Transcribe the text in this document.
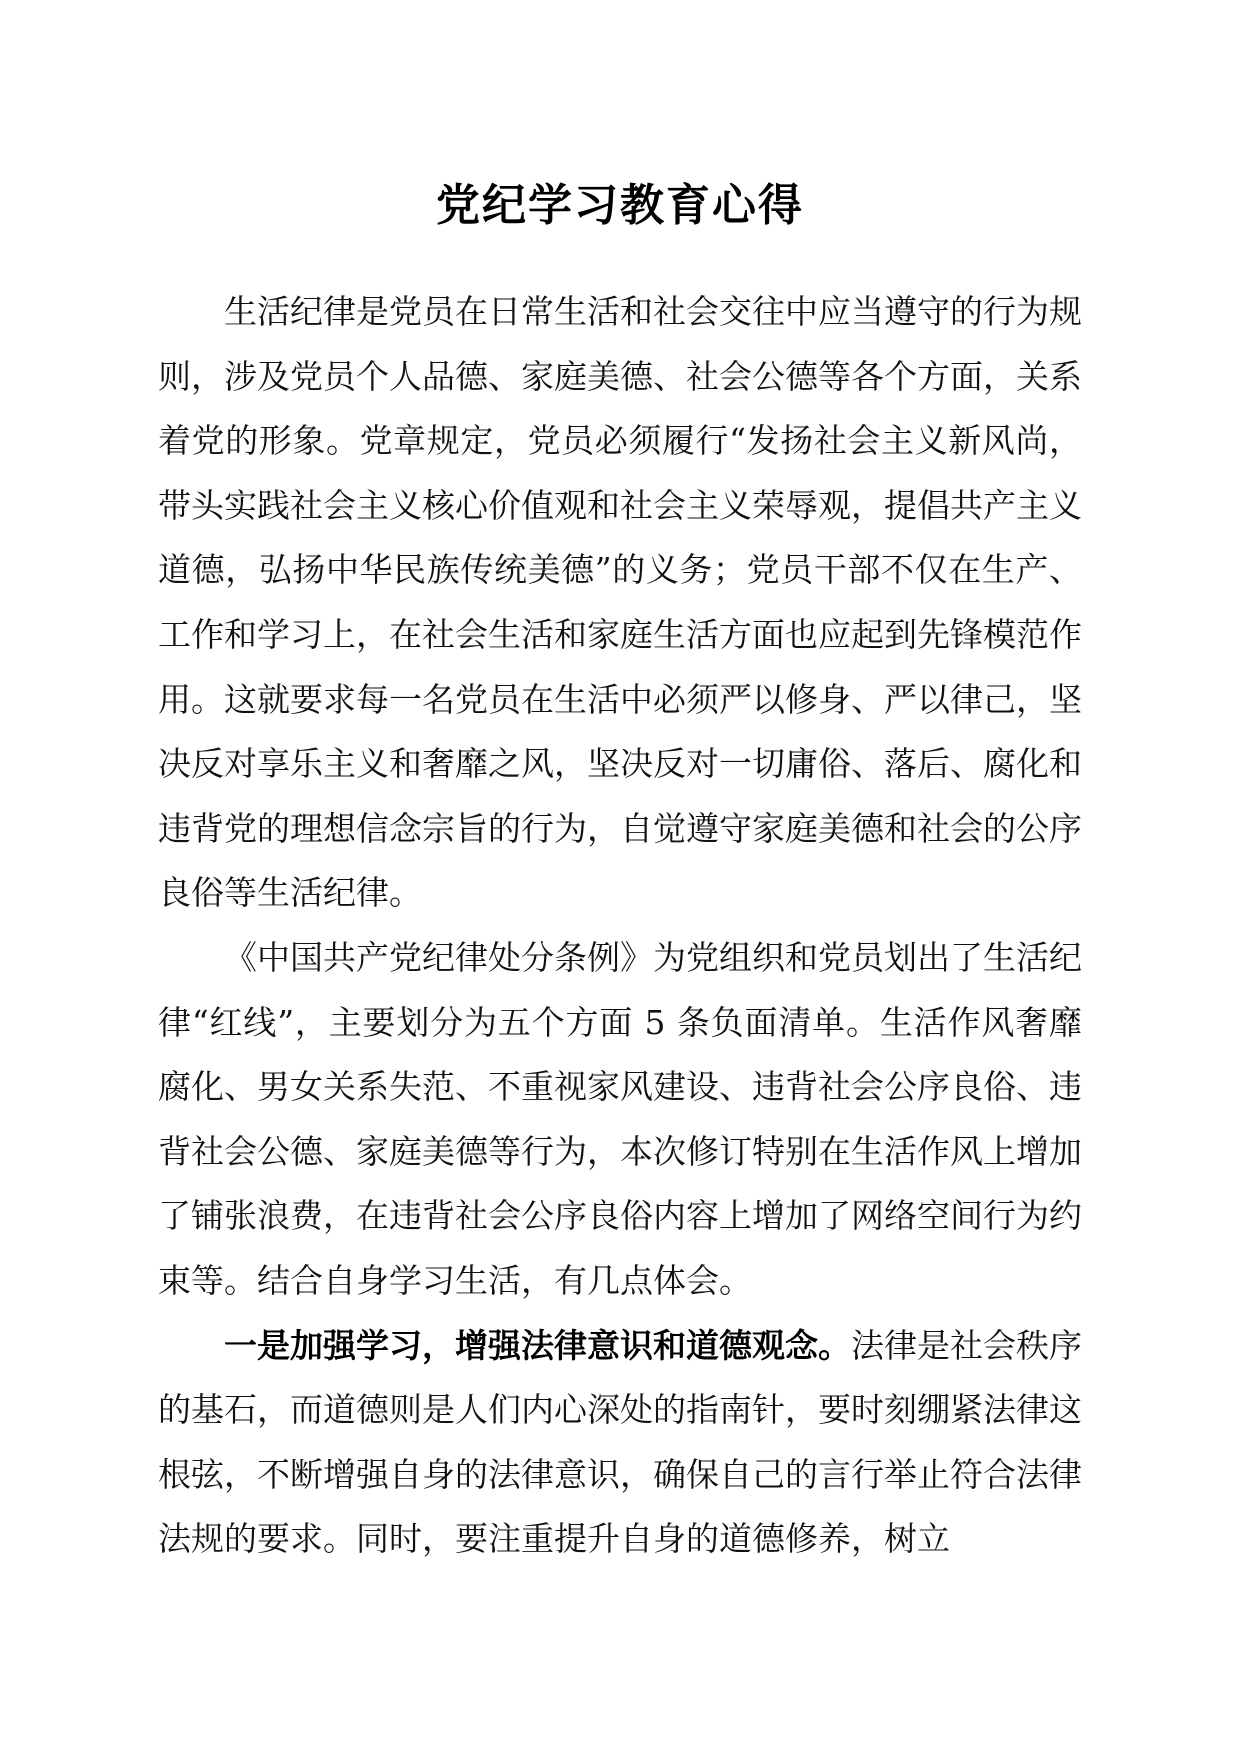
党纪学习教育心得

生活纪律是党员在日常生活和社会交往中应当遵守的行为规则，涉及党员个人品德、家庭美德、社会公德等各个方面，关系着党的形象。党章规定，党员必须履行“发扬社会主义新风尚，带头实践社会主义核心价值观和社会主义荣辱观，提倡共产主义道德，弘扬中华民族传统美德”的义务；党员干部不仅在生产、工作和学习上，在社会生活和家庭生活方面也应起到先锋模范作用。这就要求每一名党员在生活中必须严以修身、严以律己，坚决反对享乐主义和奢靡之风，坚决反对一切庸俗、落后、腐化和违背党的理想信念宗旨的行为，自觉遵守家庭美德和社会的公序良俗等生活纪律。

《中国共产党纪律处分条例》为党组织和党员划出了生活纪律“红线”，主要划分为五个方面 5 条负面清单。生活作风奢靡腐化、男女关系失范、不重视家风建设、违背社会公序良俗、违背社会公德、家庭美德等行为，本次修订特别在生活作风上增加了铺张浪费，在违背社会公序良俗内容上增加了网络空间行为约束等。结合自身学习生活，有几点体会。

一是加强学习，增强法律意识和道德观念。法律是社会秩序的基石，而道德则是人们内心深处的指南针，要时刻绷紧法律这根弦，不断增强自身的法律意识，确保自己的言行举止符合法律法规的要求。同时，要注重提升自身的道德修养，树立
